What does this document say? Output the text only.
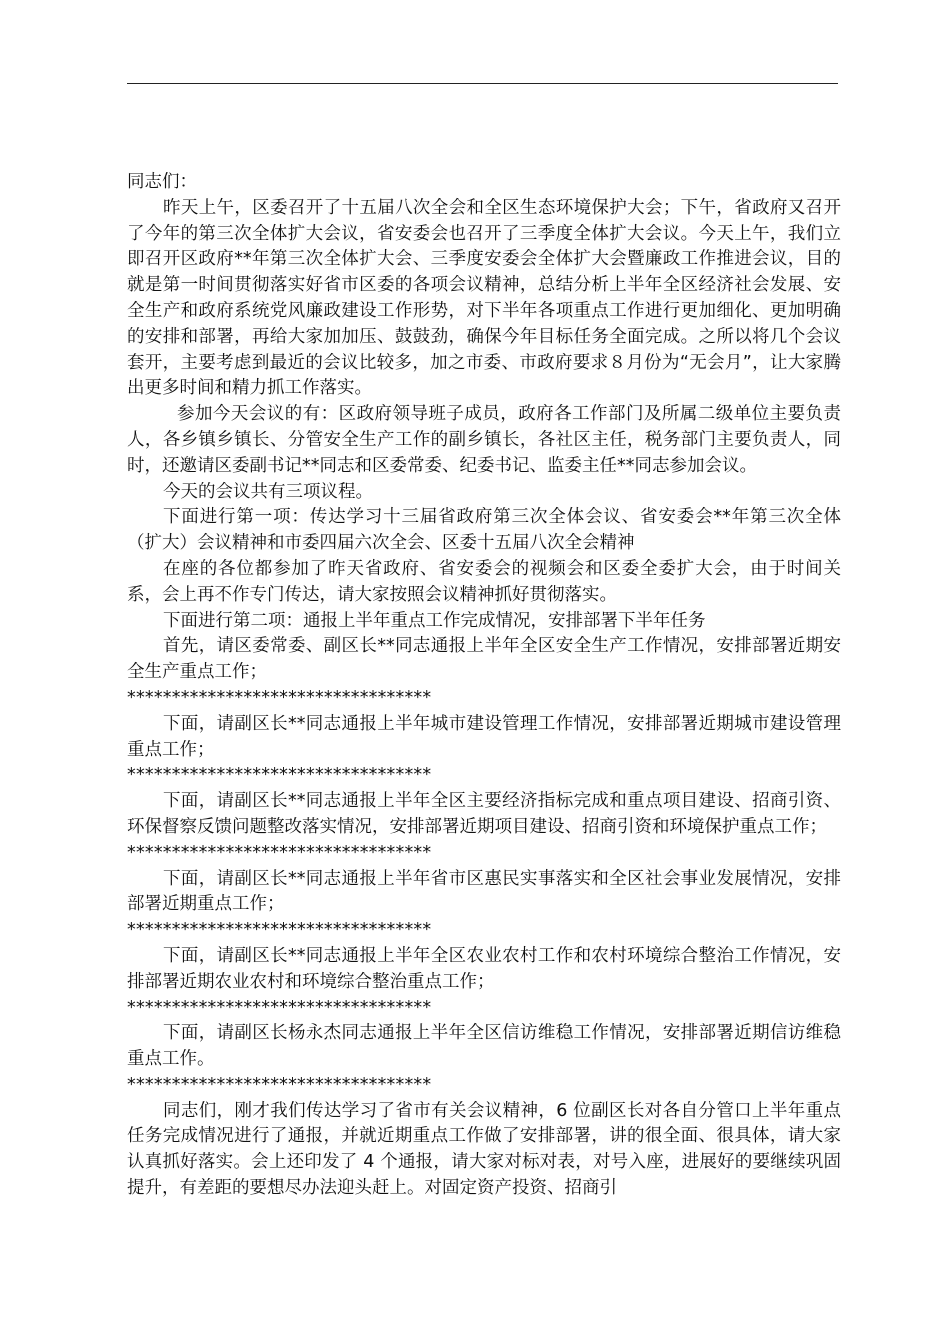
同志们：

昨天上午，区委召开了十五届八次全会和全区生态环境保护大会；下午，省政府又召开了今年的第三次全体扩大会议，省安委会也召开了三季度全体扩大会议。今天上午，我们立即召开区政府**年第三次全体扩大会、三季度安委会全体扩大会暨廉政工作推进会议，目的就是第一时间贯彻落实好省市区委的各项会议精神，总结分析上半年全区经济社会发展、安全生产和政府系统党风廉政建设工作形势，对下半年各项重点工作进行更加细化、更加明确的安排和部署，再给大家加加压、鼓鼓劲，确保今年目标任务全面完成。之所以将几个会议套开，主要考虑到最近的会议比较多，加之市委、市政府要求８月份为“无会月”，让大家腾出更多时间和精力抓工作落实。

参加今天会议的有：区政府领导班子成员，政府各工作部门及所属二级单位主要负责人，各乡镇乡镇长、分管安全生产工作的副乡镇长，各社区主任，税务部门主要负责人，同时，还邀请区委副书记**同志和区委常委、纪委书记、监委主任**同志参加会议。

今天的会议共有三项议程。

下面进行第一项：传达学习十三届省政府第三次全体会议、省安委会**年第三次全体（扩大）会议精神和市委四届六次全会、区委十五届八次全会精神

在座的各位都参加了昨天省政府、省安委会的视频会和区委全委扩大会，由于时间关系，会上再不作专门传达，请大家按照会议精神抓好贯彻落实。

下面进行第二项：通报上半年重点工作完成情况，安排部署下半年任务

首先，请区委常委、副区长**同志通报上半年全区安全生产工作情况，安排部署近期安全生产重点工作；

**********************************

下面，请副区长**同志通报上半年城市建设管理工作情况，安排部署近期城市建设管理重点工作；

**********************************

下面，请副区长**同志通报上半年全区主要经济指标完成和重点项目建设、招商引资、环保督察反馈问题整改落实情况，安排部署近期项目建设、招商引资和环境保护重点工作；

**********************************

下面，请副区长**同志通报上半年省市区惠民实事落实和全区社会事业发展情况，安排部署近期重点工作；

**********************************

下面，请副区长**同志通报上半年全区农业农村工作和农村环境综合整治工作情况，安排部署近期农业农村和环境综合整治重点工作；

**********************************

下面，请副区长杨永杰同志通报上半年全区信访维稳工作情况，安排部署近期信访维稳重点工作。

**********************************

同志们，刚才我们传达学习了省市有关会议精神，6 位副区长对各自分管口上半年重点任务完成情况进行了通报，并就近期重点工作做了安排部署，讲的很全面、很具体，请大家认真抓好落实。会上还印发了 4 个通报，请大家对标对表，对号入座，进展好的要继续巩固提升，有差距的要想尽办法迎头赶上。对固定资产投资、招商引
